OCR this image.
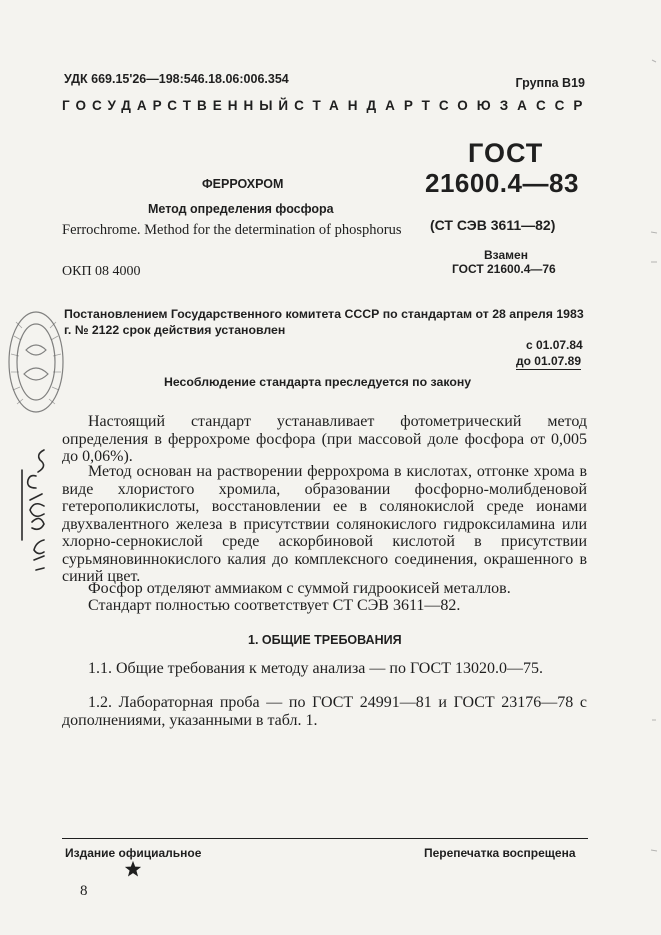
УДК 669.15'26—198:546.18.06:006.354	Группа В19
ГОСУДАРСТВЕННЫЙ СТАНДАРТ СОЮЗА ССР
ГОСТ
21600.4—83
ФЕРРОХРОМ
Метод определения фосфора
Ferrochrome. Method for the determination of phosphorus (СТ СЭВ 3611—82)
Взамен
ГОСТ 21600.4—76
ОКП 08 4000
Постановлением Государственного комитета СССР по стандартам от 28 апреля 1983 г. № 2122 срок действия установлен
с 01.07.84
до 01.07.89
Несоблюдение стандарта преследуется по закону
Настоящий стандарт устанавливает фотометрический метод определения в феррохроме фосфора (при массовой доле фосфора от 0,005 до 0,06%).
Метод основан на растворении феррохрома в кислотах, отгонке хрома в виде хлористого хромила, образовании фосфорно-молибденовой гетерополикислоты, восстановлении ее в солянокислой среде ионами двухвалентного железа в присутствии солянокислого гидроксиламина или хлорно-сернокислой среде аскорбиновой кислотой в присутствии сурьмяновиннокислого калия до комплексного соединения, окрашенного в синий цвет.
Фосфор отделяют аммиаком с суммой гидроокисей металлов.
Стандарт полностью соответствует СТ СЭВ 3611—82.
1. ОБЩИЕ ТРЕБОВАНИЯ
1.1. Общие требования к методу анализа — по ГОСТ 13020.0—75.
1.2. Лабораторная проба — по ГОСТ 24991—81 и ГОСТ 23176—78 с дополнениями, указанными в табл. 1.
Издание официальное	Перепечатка воспрещена
8
